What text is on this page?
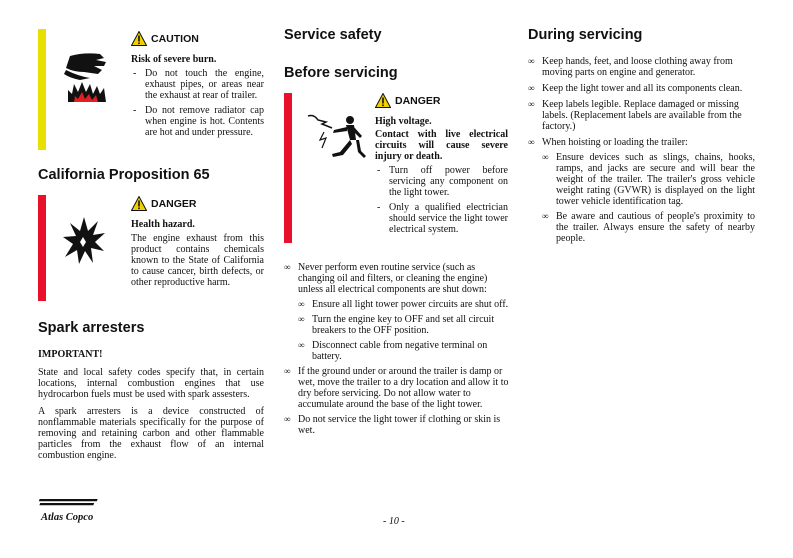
CAUTION
Risk of severe burn.
- Do not touch the engine, exhaust pipes, or areas near the exhaust at rear of trailer.
- Do not remove radiator cap when engine is hot. Contents are hot and under pressure.
California Proposition 65
DANGER
Health hazard.
The engine exhaust from this product contains chemicals known to the State of California to cause cancer, birth defects, or other reproductive harm.
Spark arresters
IMPORTANT!
State and local safety codes specify that, in certain locations, internal combustion engines that use hydrocarbon fuels must be used with spark assesters.
A spark arresters is a device constructed of nonflammable materials specifically for the purpose of removing and retaining carbon and other flammable particles from the exhaust flow of an internal combustion engine.
Service safety
Before servicing
DANGER
High voltage.
Contact with live electrical circuits will cause severe injury or death.
- Turn off power before servicing any component on the light tower.
- Only a qualified electrician should service the light tower electrical system.
∞ Never perform even routine service (such as changing oil and filters, or cleaning the engine) unless all electrical components are shut down:
∞ Ensure all light tower power circuits are shut off.
∞ Turn the engine key to OFF and set all circuit breakers to the OFF position.
∞ Disconnect cable from negative terminal on battery.
∞ If the ground under or around the trailer is damp or wet, move the trailer to a dry location and allow it to dry before servicing. Do not allow water to accumulate around the base of the light tower.
∞ Do not service the light tower if clothing or skin is wet.
During servicing
∞ Keep hands, feet, and loose clothing away from moving parts on engine and generator.
∞ Keep the light tower and all its components clean.
∞ Keep labels legible. Replace damaged or missing labels. (Replacement labels are available from the factory.)
∞ When hoisting or loading the trailer:
∞ Ensure devices such as slings, chains, hooks, ramps, and jacks are secure and will bear the weight of the trailer. The trailer's gross vehicle weight rating (GVWR) is displayed on the light tower vehicle identification tag.
∞ Be aware and cautious of people's proximity to the trailer. Always ensure the safety of nearby people.
Atlas Copco	- 10 -
